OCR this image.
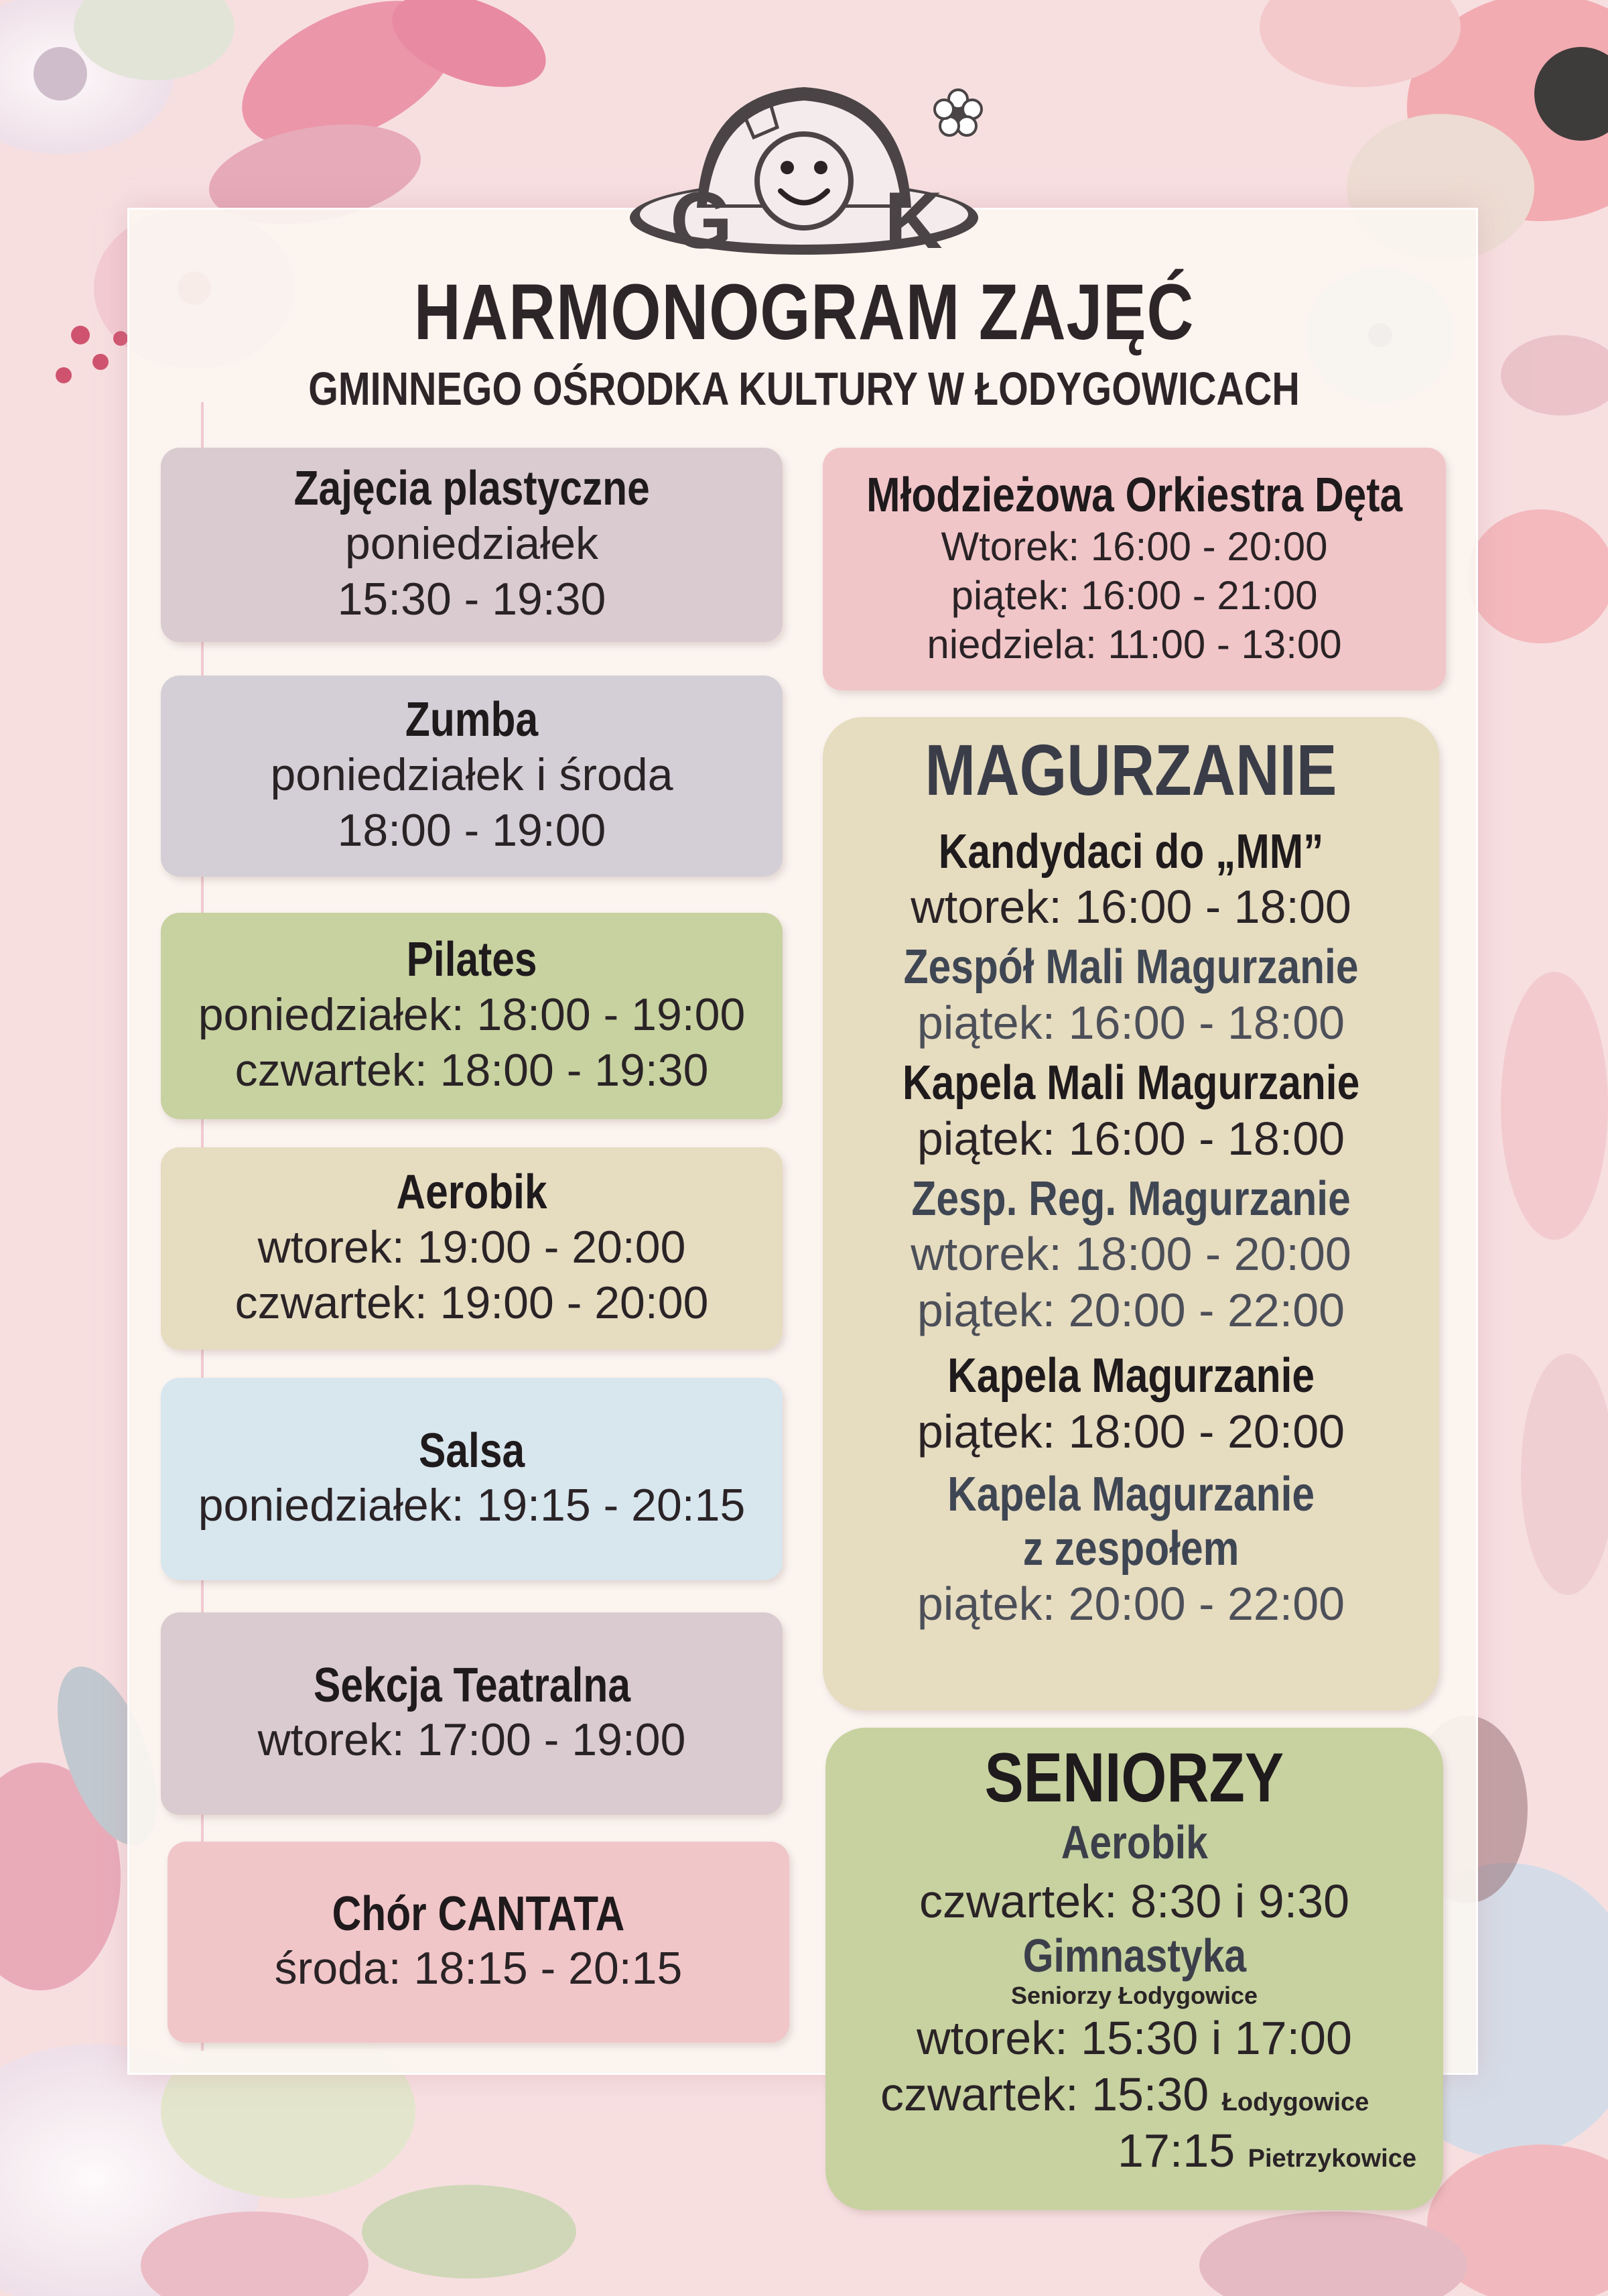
G K
HARMONOGRAM ZAJĘĆ
GMINNEGO OŚRODKA KULTURY W ŁODYGOWICACH
Zajęcia plastyczne
poniedziałek
15:30 - 19:30
Zumba
poniedziałek i środa
18:00 - 19:00
Pilates
poniedziałek: 18:00 - 19:00
czwartek: 18:00 - 19:30
Aerobik
wtorek: 19:00 - 20:00
czwartek: 19:00 - 20:00
Salsa
poniedziałek: 19:15 - 20:15
Sekcja Teatralna
wtorek: 17:00 - 19:00
Chór CANTATA
środa: 18:15 - 20:15
Młodzieżowa Orkiestra Dęta
Wtorek: 16:00 - 20:00
piątek: 16:00 - 21:00
niedziela: 11:00 - 13:00
MAGURZANIE
Kandydaci do „MM”
wtorek: 16:00 - 18:00
Zespół Mali Magurzanie
piątek: 16:00 - 18:00
Kapela Mali Magurzanie
piątek: 16:00 - 18:00
Zesp. Reg. Magurzanie
wtorek: 18:00 - 20:00
piątek: 20:00 - 22:00
Kapela Magurzanie
piątek: 18:00 - 20:00
Kapela Magurzanie
z zespołem
piątek: 20:00 - 22:00
SENIORZY
Aerobik
czwartek: 8:30 i 9:30
Gimnastyka
Seniorzy Łodygowice
wtorek: 15:30 i 17:00
czwartek: 15:30 Łodygowice
17:15 Pietrzykowice
